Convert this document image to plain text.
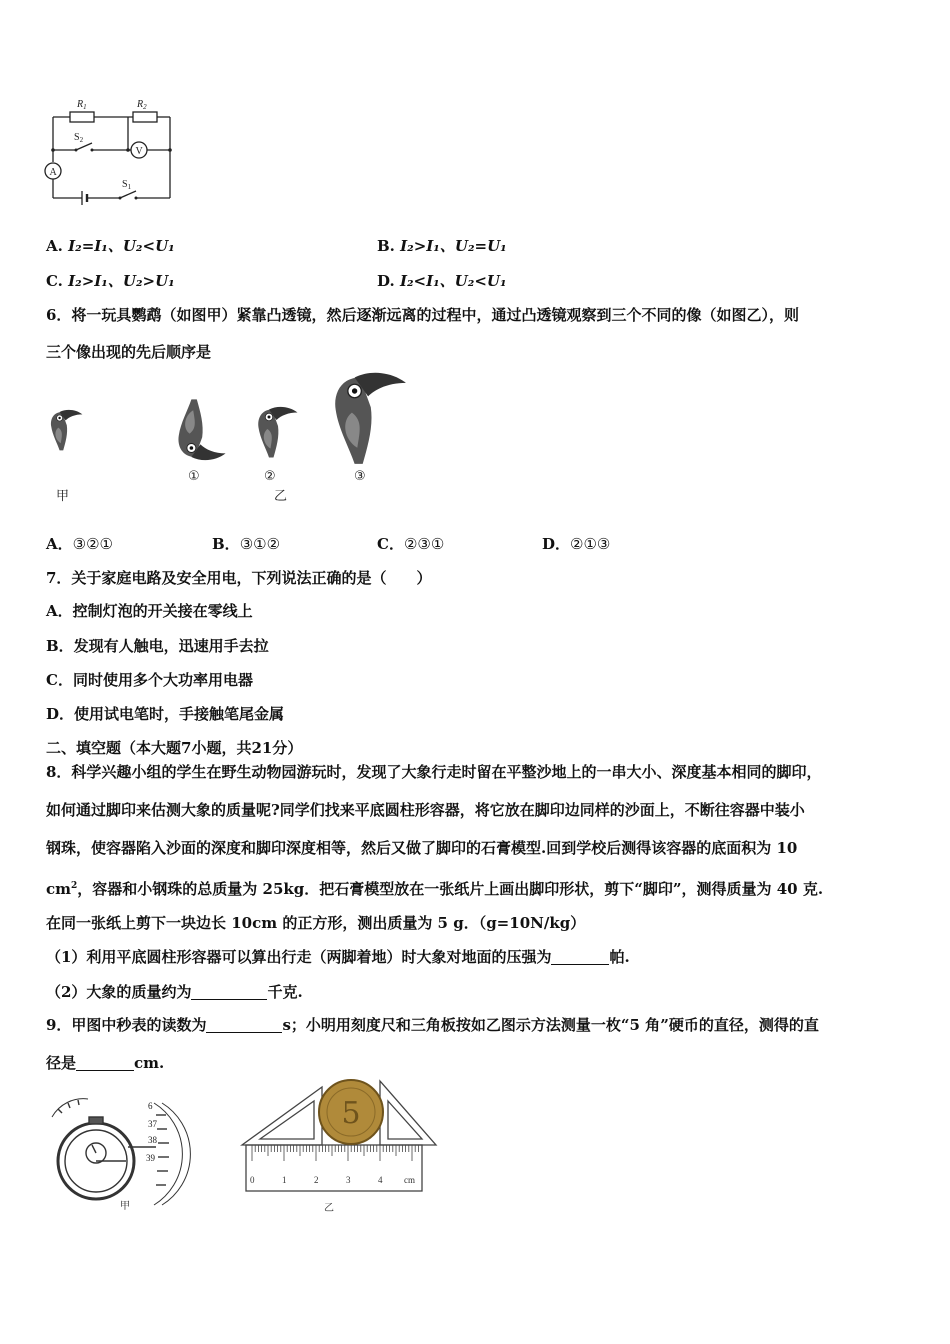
$R_1$	$R_2$
$S_2$
$S_1$
A
V
A. I₂=I₁、U₂<U₁	B. I₂>I₁、U₂=U₁
C. I₂>I₁、U₂>U₁	D. I₂<I₁、U₂<U₁
6．将一玩具鹦鹉（如图甲）紧靠凸透镜，然后逐渐远离的过程中，通过凸透镜观察到三个不同的像（如图乙），则
三个像出现的先后顺序是
甲
①	②
乙
③
A．③②①	B．③①②	C．②③①	D．②①③
7．关于家庭电路及安全用电，下列说法正确的是（　　）
A．控制灯泡的开关接在零线上
B．发现有人触电，迅速用手去拉
C．同时使用多个大功率用电器
D．使用试电笔时，手接触笔尾金属
二、填空题（本大题7小题，共21分）
8．科学兴趣小组的学生在野生动物园游玩时，发现了大象行走时留在平整沙地上的一串大小、深度基本相同的脚印，
如何通过脚印来估测大象的质量呢?同学们找来平底圆柱形容器，将它放在脚印边同样的沙面上，不断往容器中装小
钢珠，使容器陷入沙面的深度和脚印深度相等，然后又做了脚印的石膏模型.回到学校后测得该容器的底面积为 10
$cm^2$，容器和小钢珠的总质量为 25kg．把石膏模型放在一张纸片上画出脚印形状，剪下“脚印”，测得质量为 40 克.
在同一张纸上剪下一块边长 10cm 的正方形，测出质量为 5 g．（g=10N/kg）
（1）利用平底圆柱形容器可以算出行走（两脚着地）时大象对地面的压强为	帕.
（2）大象的质量约为	千克.
9．甲图中秒表的读数为	s；小明用刻度尺和三角板按如乙图示方法测量一枚“5 角”硬币的直径，测得的直
径是	cm.
6
37
38
39
甲
5
0	1	2	3	4 cm
乙
